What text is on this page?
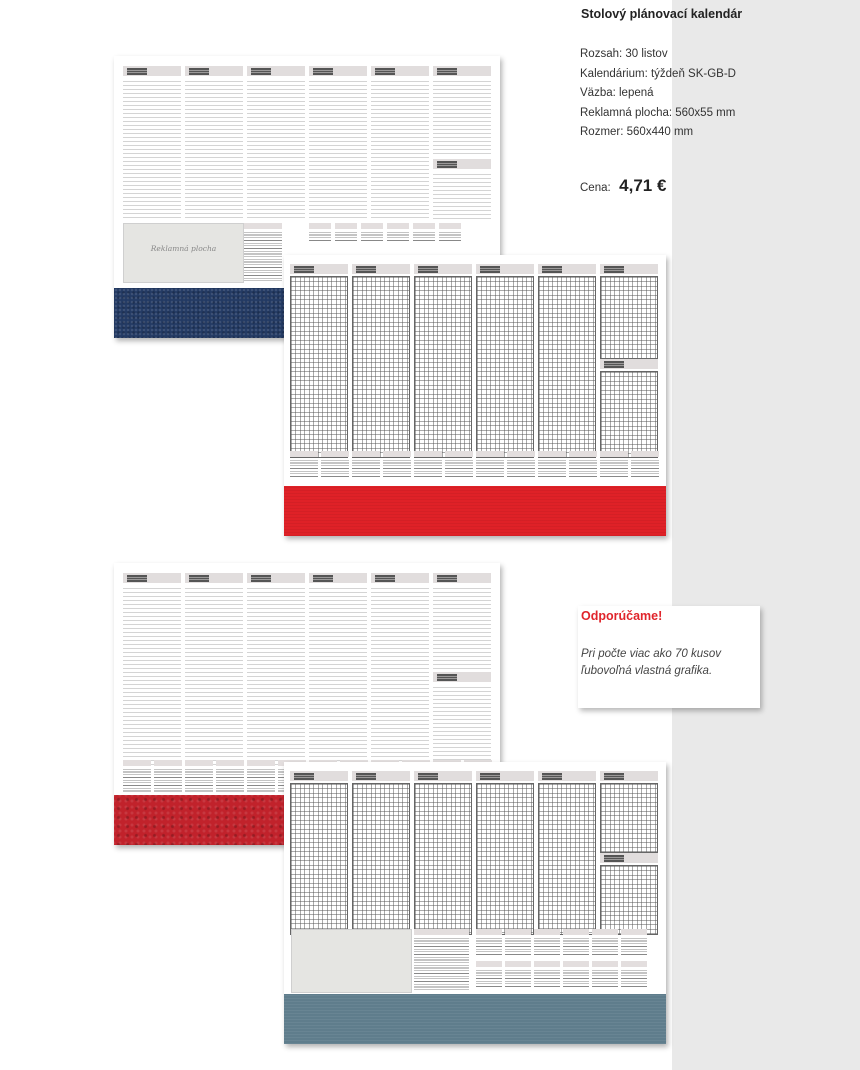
Stolový plánovací kalendár
Rozsah: 30 listov
Kalendárium: týždeň SK-GB-D
Väzba: lepená
Reklamná plocha: 560x55 mm
Rozmer: 560x440 mm
Cena: 4,71 €
Odporúčame!
Pri počte viac ako 70 kusov
ľubovoľná vlastná grafika.
Reklamná plocha
